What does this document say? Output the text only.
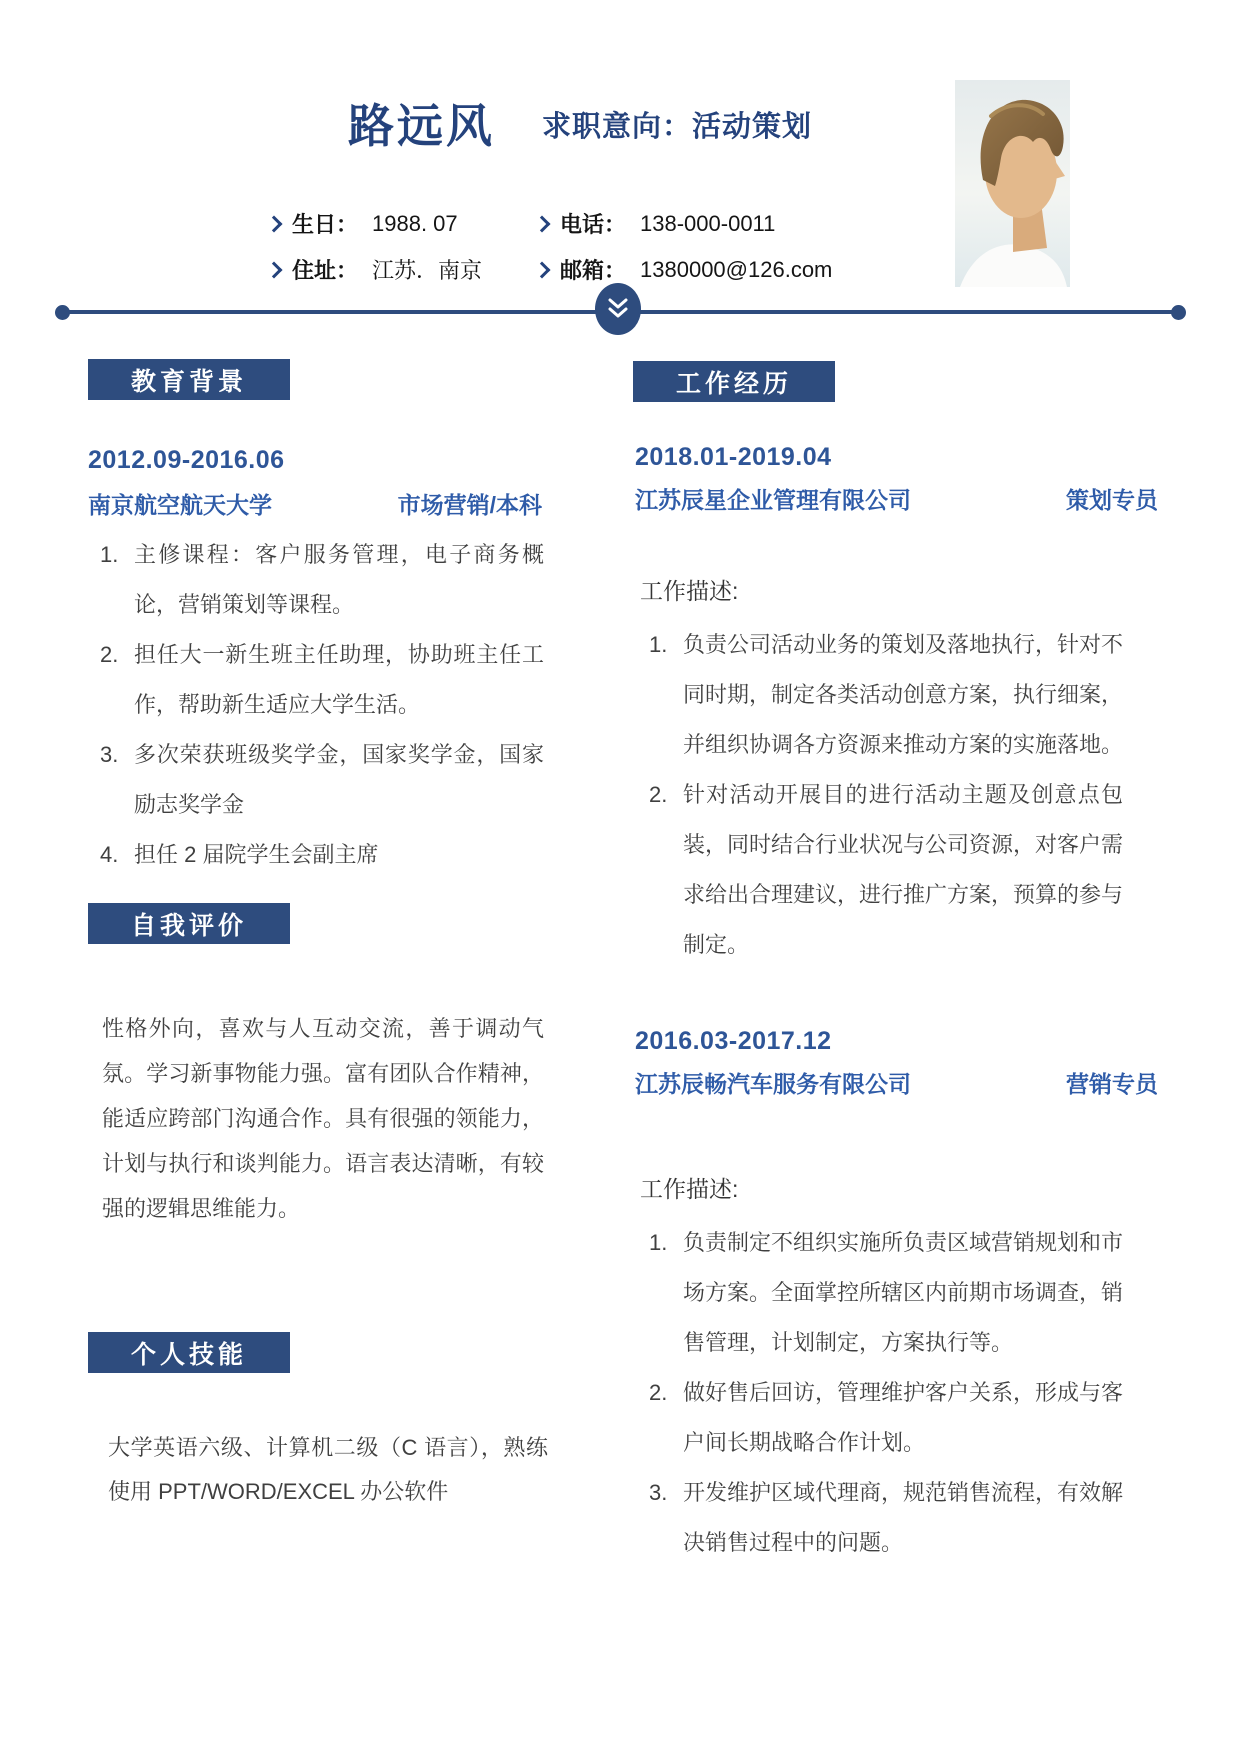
路远风 求职意向：活动策划
生日： 1988. 07	电话： 138-000-0011
住址： 江苏．南京	邮箱： 1380000@126.com
教育背景
2012.09-2016.06
南京航空航天大学	市场营销/本科
主修课程：客户服务管理，电子商务概论，营销策划等课程。
担任大一新生班主任助理，协助班主任工作，帮助新生适应大学生活。
多次荣获班级奖学金，国家奖学金，国家励志奖学金
担任 2 届院学生会副主席
自我评价
性格外向，喜欢与人互动交流，善于调动气氛。学习新事物能力强。富有团队合作精神，能适应跨部门沟通合作。具有很强的领能力，计划与执行和谈判能力。语言表达清晰，有较强的逻辑思维能力。
个人技能
大学英语六级、计算机二级（C 语言），熟练使用 PPT/WORD/EXCEL 办公软件
工作经历
2018.01-2019.04
江苏辰星企业管理有限公司	策划专员
工作描述:
负责公司活动业务的策划及落地执行，针对不同时期，制定各类活动创意方案，执行细案，并组织协调各方资源来推动方案的实施落地。
针对活动开展目的进行活动主题及创意点包装，同时结合行业状况与公司资源，对客户需求给出合理建议，进行推广方案，预算的参与制定。
2016.03-2017.12
江苏辰畅汽车服务有限公司	营销专员
工作描述:
负责制定不组织实施所负责区域营销规划和市场方案。全面掌控所辖区内前期市场调查，销售管理，计划制定，方案执行等。
做好售后回访，管理维护客户关系，形成与客户间长期战略合作计划。
开发维护区域代理商，规范销售流程，有效解决销售过程中的问题。
